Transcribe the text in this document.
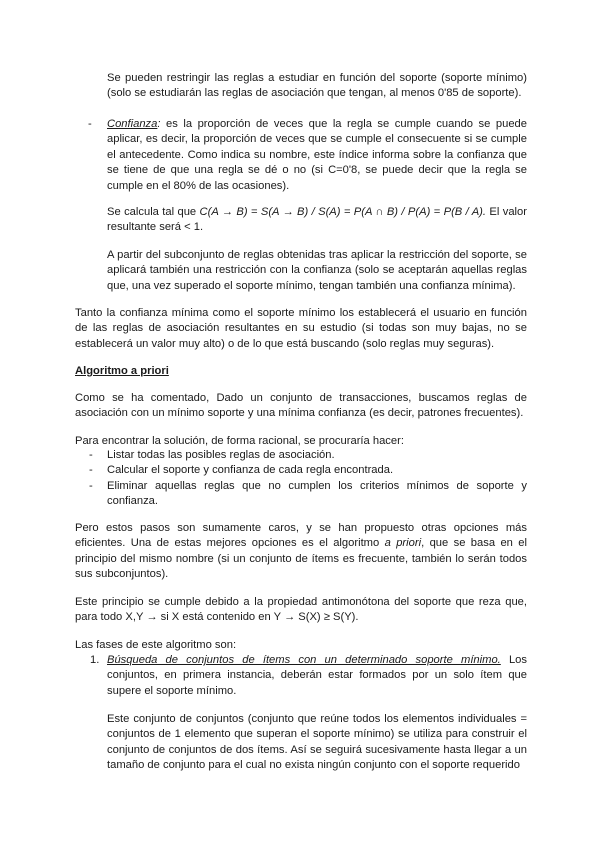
Se pueden restringir las reglas a estudiar en función del soporte (soporte mínimo) (solo se estudiarán las reglas de asociación que tengan, al menos 0'85 de soporte).

- Confianza: es la proporción de veces que la regla se cumple cuando se puede aplicar, es decir, la proporción de veces que se cumple el consecuente si se cumple el antecedente. Como indica su nombre, este índice informa sobre la confianza que se tiene de que una regla se dé o no (si C=0'8, se puede decir que la regla se cumple en el 80% de las ocasiones).

Se calcula tal que C(A → B) = S(A → B) / S(A) = P(A ∩ B) / P(A) = P(B / A). El valor resultante será < 1.

A partir del subconjunto de reglas obtenidas tras aplicar la restricción del soporte, se aplicará también una restricción con la confianza (solo se aceptarán aquellas reglas que, una vez superado el soporte mínimo, tengan también una confianza mínima).

Tanto la confianza mínima como el soporte mínimo los establecerá el usuario en función de las reglas de asociación resultantes en su estudio (si todas son muy bajas, no se establecerá un valor muy alto) o de lo que está buscando (solo reglas muy seguras).

Algoritmo a priori

Como se ha comentado, Dado un conjunto de transacciones, buscamos reglas de asociación con un mínimo soporte y una mínima confianza (es decir, patrones frecuentes).

Para encontrar la solución, de forma racional, se procuraría hacer:

- Listar todas las posibles reglas de asociación.
- Calcular el soporte y confianza de cada regla encontrada.
- Eliminar aquellas reglas que no cumplen los criterios mínimos de soporte y confianza.

Pero estos pasos son sumamente caros, y se han propuesto otras opciones más eficientes. Una de estas mejores opciones es el algoritmo a priori, que se basa en el principio del mismo nombre (si un conjunto de ítems es frecuente, también lo serán todos sus subconjuntos).

Este principio se cumple debido a la propiedad antimonótona del soporte que reza que, para todo X,Y → si X está contenido en Y → S(X) ≥ S(Y).

Las fases de este algoritmo son:

1. Búsqueda de conjuntos de ítems con un determinado soporte mínimo. Los conjuntos, en primera instancia, deberán estar formados por un solo ítem que supere el soporte mínimo.

Este conjunto de conjuntos (conjunto que reúne todos los elementos individuales = conjuntos de 1 elemento que superan el soporte mínimo) se utiliza para construir el conjunto de conjuntos de dos ítems. Así se seguirá sucesivamente hasta llegar a un tamaño de conjunto para el cual no exista ningún conjunto con el soporte requerido
